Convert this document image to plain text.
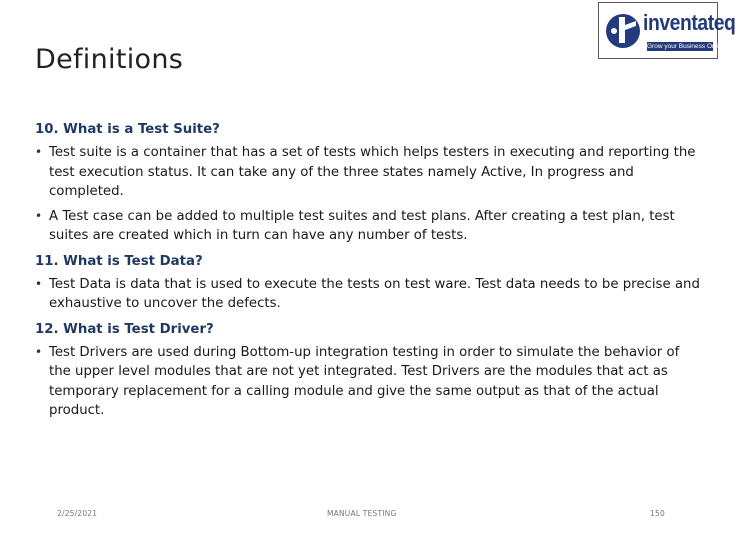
Definitions
inventateq
Grow your Business Online
10. What is a Test Suite?
• Test suite is a container that has a set of tests which helps testers in executing and reporting the test execution status. It can take any of the three states namely Active, In progress and completed.
• A Test case can be added to multiple test suites and test plans. After creating a test plan, test suites are created which in turn can have any number of tests.
11. What is Test Data?
• Test Data is data that is used to execute the tests on test ware. Test data needs to be precise and exhaustive to uncover the defects.
12. What is Test Driver?
• Test Drivers are used during Bottom-up integration testing in order to simulate the behavior of the upper level modules that are not yet integrated. Test Drivers are the modules that act as temporary replacement for a calling module and give the same output as that of the actual product.
2/25/2021	MANUAL TESTING	150
